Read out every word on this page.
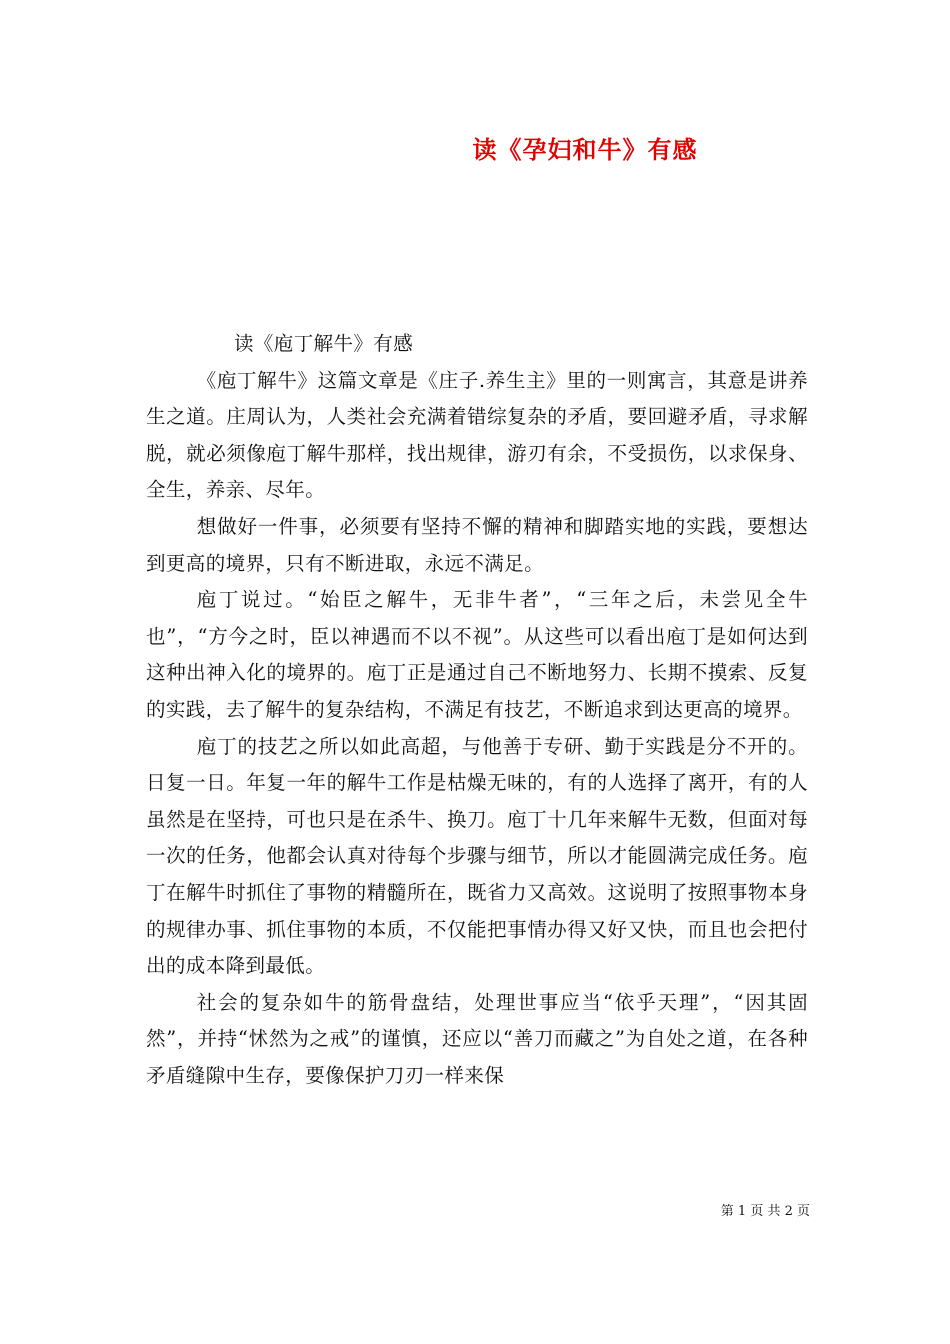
读《孕妇和牛》有感

读《庖丁解牛》有感

《庖丁解牛》这篇文章是《庄子.养生主》里的一则寓言，其意是讲养生之道。庄周认为，人类社会充满着错综复杂的矛盾，要回避矛盾，寻求解脱，就必须像庖丁解牛那样，找出规律，游刃有余，不受损伤，以求保身、全生，养亲、尽年。

想做好一件事，必须要有坚持不懈的精神和脚踏实地的实践，要想达到更高的境界，只有不断进取，永远不满足。

庖丁说过。“始臣之解牛，无非牛者”，“三年之后，未尝见全牛也”，“方今之时，臣以神遇而不以不视”。从这些可以看出庖丁是如何达到这种出神入化的境界的。庖丁正是通过自己不断地努力、长期不摸索、反复的实践，去了解牛的复杂结构，不满足有技艺，不断追求到达更高的境界。

庖丁的技艺之所以如此高超，与他善于专研、勤于实践是分不开的。日复一日。年复一年的解牛工作是枯燥无味的，有的人选择了离开，有的人虽然是在坚持，可也只是在杀牛、换刀。庖丁十几年来解牛无数，但面对每一次的任务，他都会认真对待每个步骤与细节，所以才能圆满完成任务。庖丁在解牛时抓住了事物的精髓所在，既省力又高效。这说明了按照事物本身的规律办事、抓住事物的本质，不仅能把事情办得又好又快，而且也会把付出的成本降到最低。

社会的复杂如牛的筋骨盘结，处理世事应当“依乎天理”，“因其固然”，并持“怵然为之戒”的谨慎，还应以“善刀而藏之”为自处之道，在各种矛盾缝隙中生存，要像保护刀刃一样来保

第 1 页 共 2 页
